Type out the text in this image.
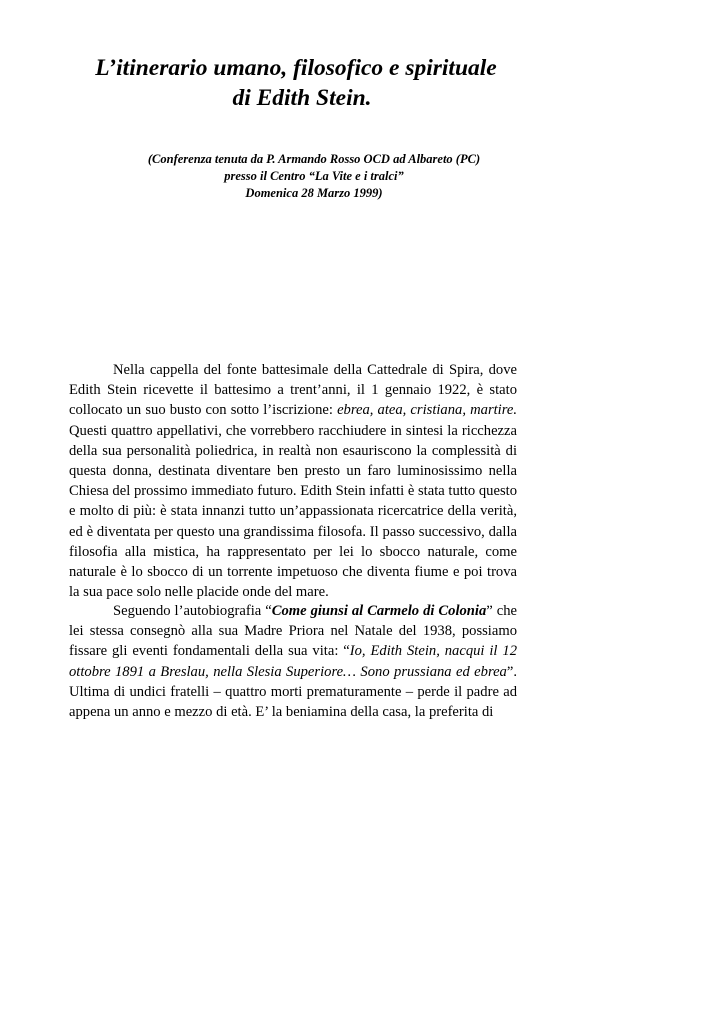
L’itinerario umano, filosofico e spirituale
di Edith Stein.

(Conferenza tenuta da P. Armando Rosso OCD ad Albareto (PC)

presso il Centro “La Vite e i tralci”

Domenica 28 Marzo 1999)

Nella cappella del fonte battesimale della Cattedrale di Spira, dove Edith Stein ricevette il battesimo a trent’anni, il 1 gennaio 1922, è stato collocato un suo busto con sotto l’iscrizione: ebrea, atea, cristiana, martire. Questi quattro appellativi, che vorrebbero racchiudere in sintesi la ricchezza della sua personalità poliedrica, in realtà non esauriscono la complessità di questa donna, destinata diventare ben presto un faro luminosissimo nella Chiesa del prossimo immediato futuro. Edith Stein infatti è stata tutto questo e molto di più: è stata innanzi tutto un’appassionata ricercatrice della verità, ed è diventata per questo una grandissima filosofa. Il passo successivo, dalla filosofia alla mistica, ha rappresentato per lei lo sbocco naturale, come naturale è lo sbocco di un torrente impetuoso che diventa fiume e poi trova la sua pace solo nelle placide onde del mare.

Seguendo l’autobiografia “Come giunsi al Carmelo di Colonia” che lei stessa consegnò alla sua Madre Priora nel Natale del 1938, possiamo fissare gli eventi fondamentali della sua vita: “Io, Edith Stein, nacqui il 12 ottobre 1891 a Breslau, nella Slesia Superiore… Sono prussiana ed ebrea”. Ultima di undici fratelli – quattro morti prematuramente – perde il padre ad appena un anno e mezzo di età. E’ la beniamina della casa, la preferita di
